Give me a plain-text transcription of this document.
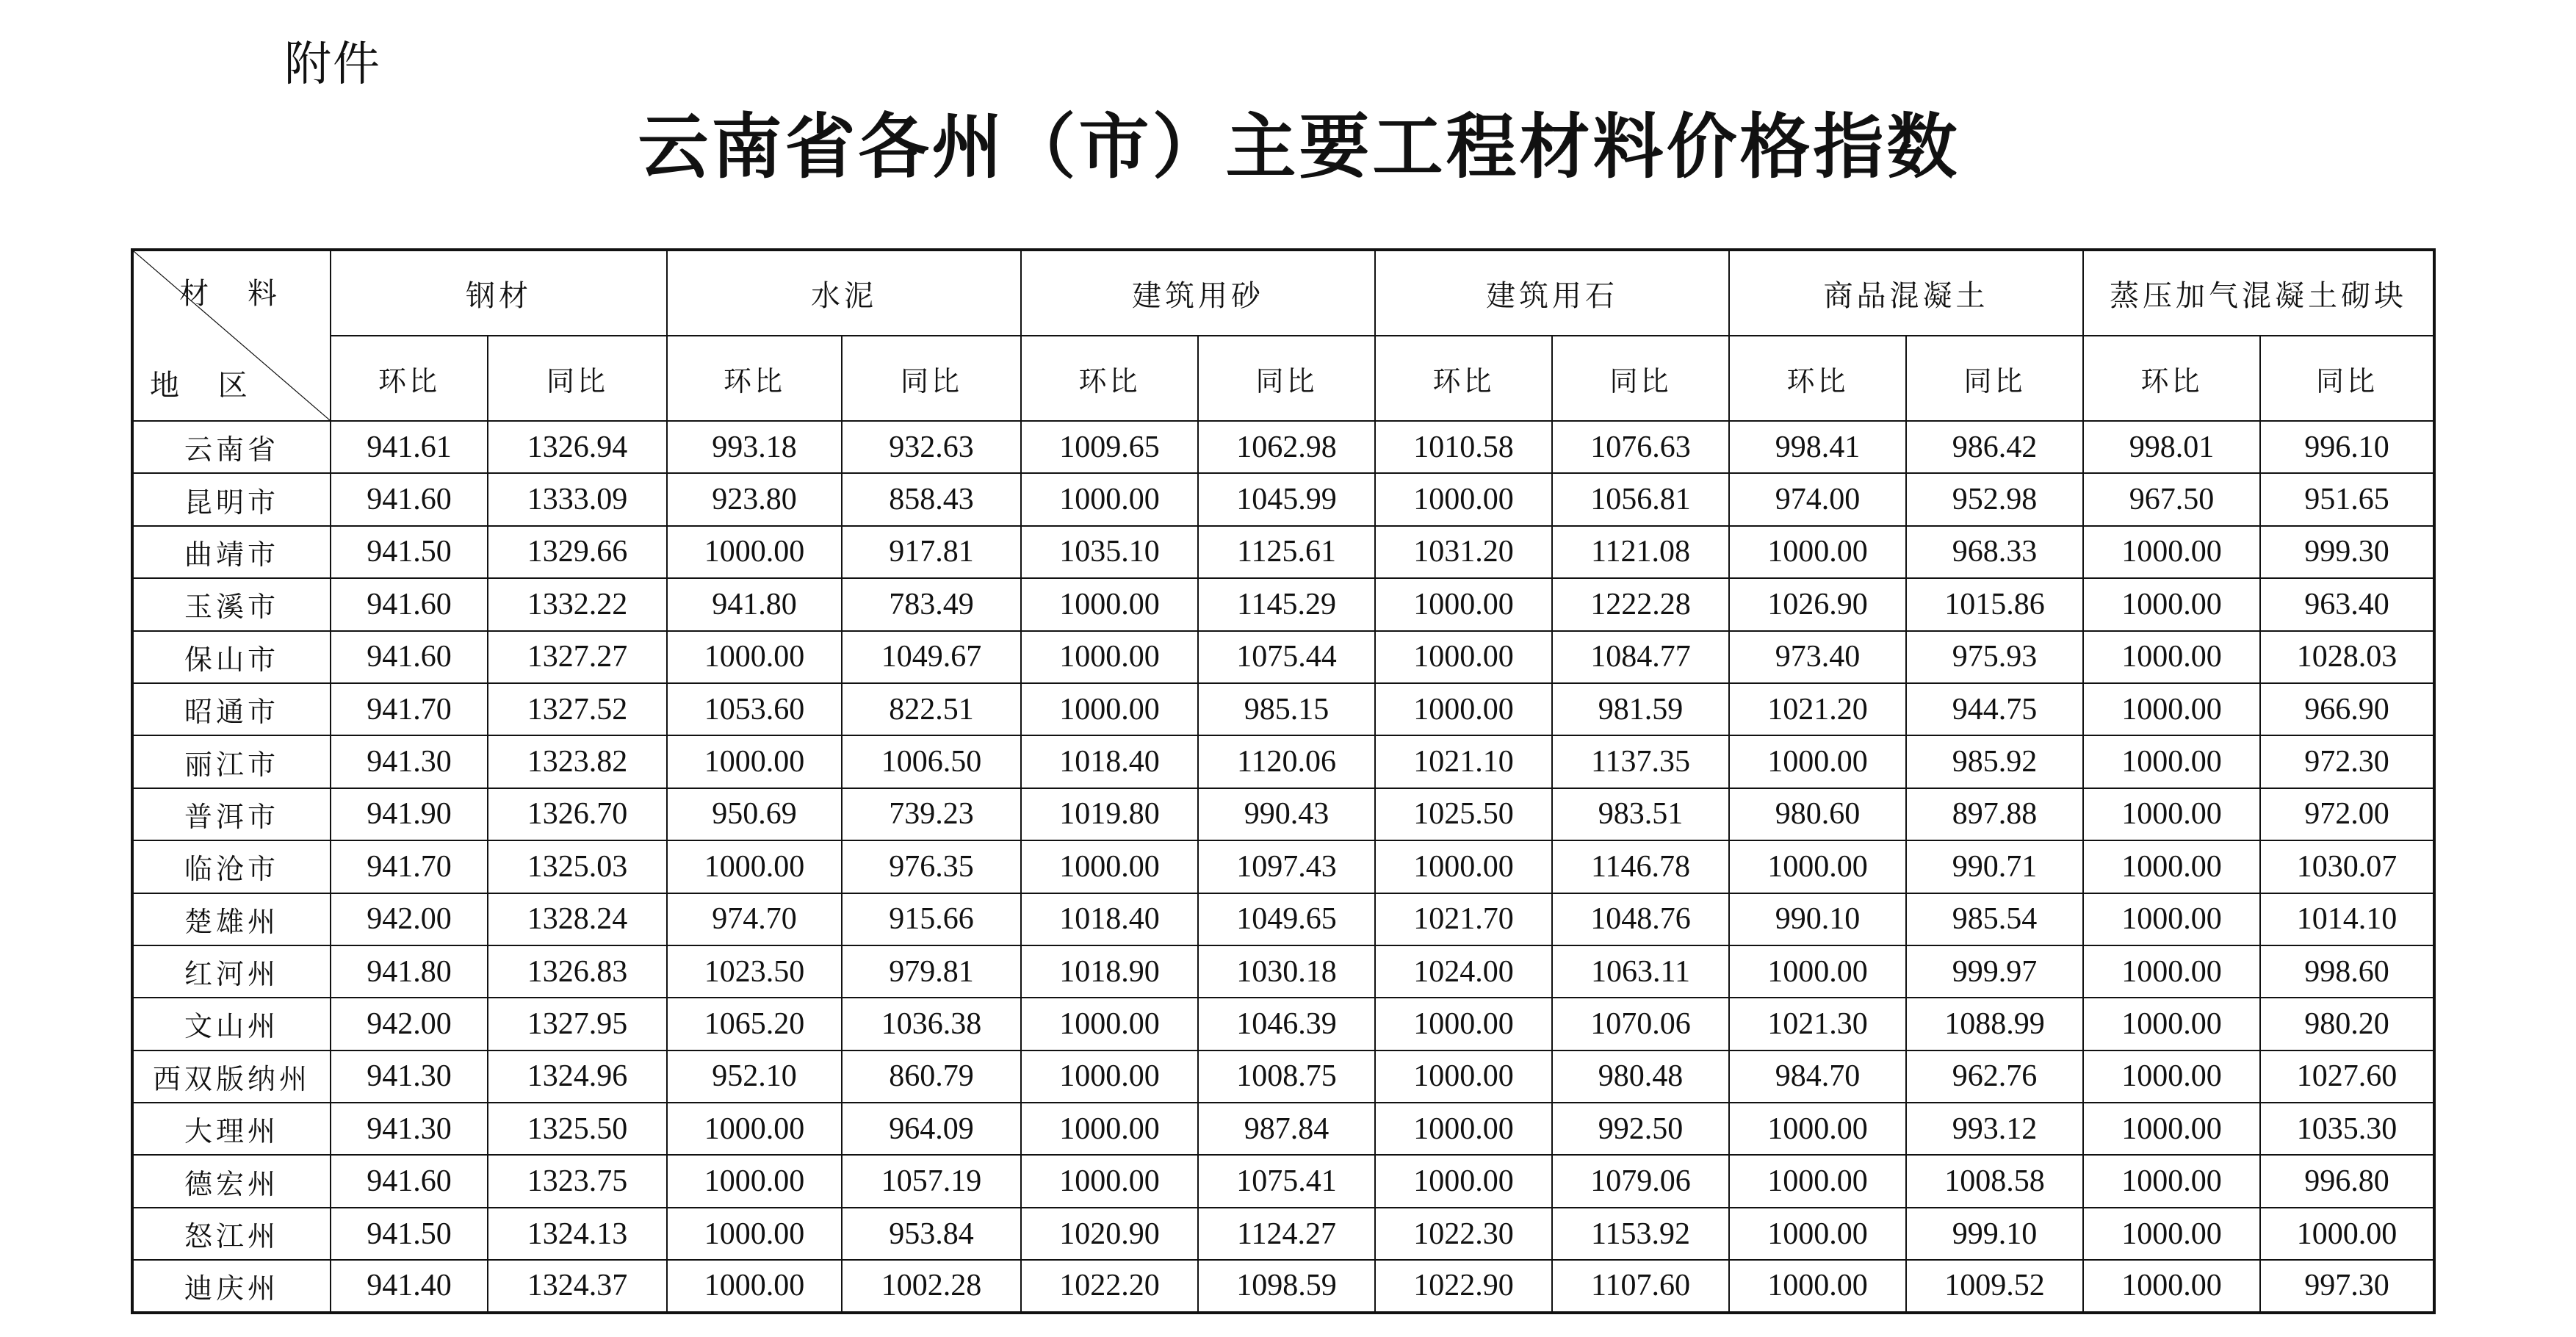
附件
云南省各州（市）主要工程材料价格指数
材 料
地 区	钢材		水泥		建筑用砂		建筑用石		商品混凝土		蒸压加气混凝土砌块	
	环比	同比	环比	同比	环比	同比	环比	同比	环比	同比	环比	同比
云南省	941.61	1326.94	993.18	932.63	1009.65	1062.98	1010.58	1076.63	998.41	986.42	998.01	996.10
昆明市	941.60	1333.09	923.80	858.43	1000.00	1045.99	1000.00	1056.81	974.00	952.98	967.50	951.65
曲靖市	941.50	1329.66	1000.00	917.81	1035.10	1125.61	1031.20	1121.08	1000.00	968.33	1000.00	999.30
玉溪市	941.60	1332.22	941.80	783.49	1000.00	1145.29	1000.00	1222.28	1026.90	1015.86	1000.00	963.40
保山市	941.60	1327.27	1000.00	1049.67	1000.00	1075.44	1000.00	1084.77	973.40	975.93	1000.00	1028.03
昭通市	941.70	1327.52	1053.60	822.51	1000.00	985.15	1000.00	981.59	1021.20	944.75	1000.00	966.90
丽江市	941.30	1323.82	1000.00	1006.50	1018.40	1120.06	1021.10	1137.35	1000.00	985.92	1000.00	972.30
普洱市	941.90	1326.70	950.69	739.23	1019.80	990.43	1025.50	983.51	980.60	897.88	1000.00	972.00
临沧市	941.70	1325.03	1000.00	976.35	1000.00	1097.43	1000.00	1146.78	1000.00	990.71	1000.00	1030.07
楚雄州	942.00	1328.24	974.70	915.66	1018.40	1049.65	1021.70	1048.76	990.10	985.54	1000.00	1014.10
红河州	941.80	1326.83	1023.50	979.81	1018.90	1030.18	1024.00	1063.11	1000.00	999.97	1000.00	998.60
文山州	942.00	1327.95	1065.20	1036.38	1000.00	1046.39	1000.00	1070.06	1021.30	1088.99	1000.00	980.20
西双版纳州	941.30	1324.96	952.10	860.79	1000.00	1008.75	1000.00	980.48	984.70	962.76	1000.00	1027.60
大理州	941.30	1325.50	1000.00	964.09	1000.00	987.84	1000.00	992.50	1000.00	993.12	1000.00	1035.30
德宏州	941.60	1323.75	1000.00	1057.19	1000.00	1075.41	1000.00	1079.06	1000.00	1008.58	1000.00	996.80
怒江州	941.50	1324.13	1000.00	953.84	1020.90	1124.27	1022.30	1153.92	1000.00	999.10	1000.00	1000.00
迪庆州	941.40	1324.37	1000.00	1002.28	1022.20	1098.59	1022.90	1107.60	1000.00	1009.52	1000.00	997.30
